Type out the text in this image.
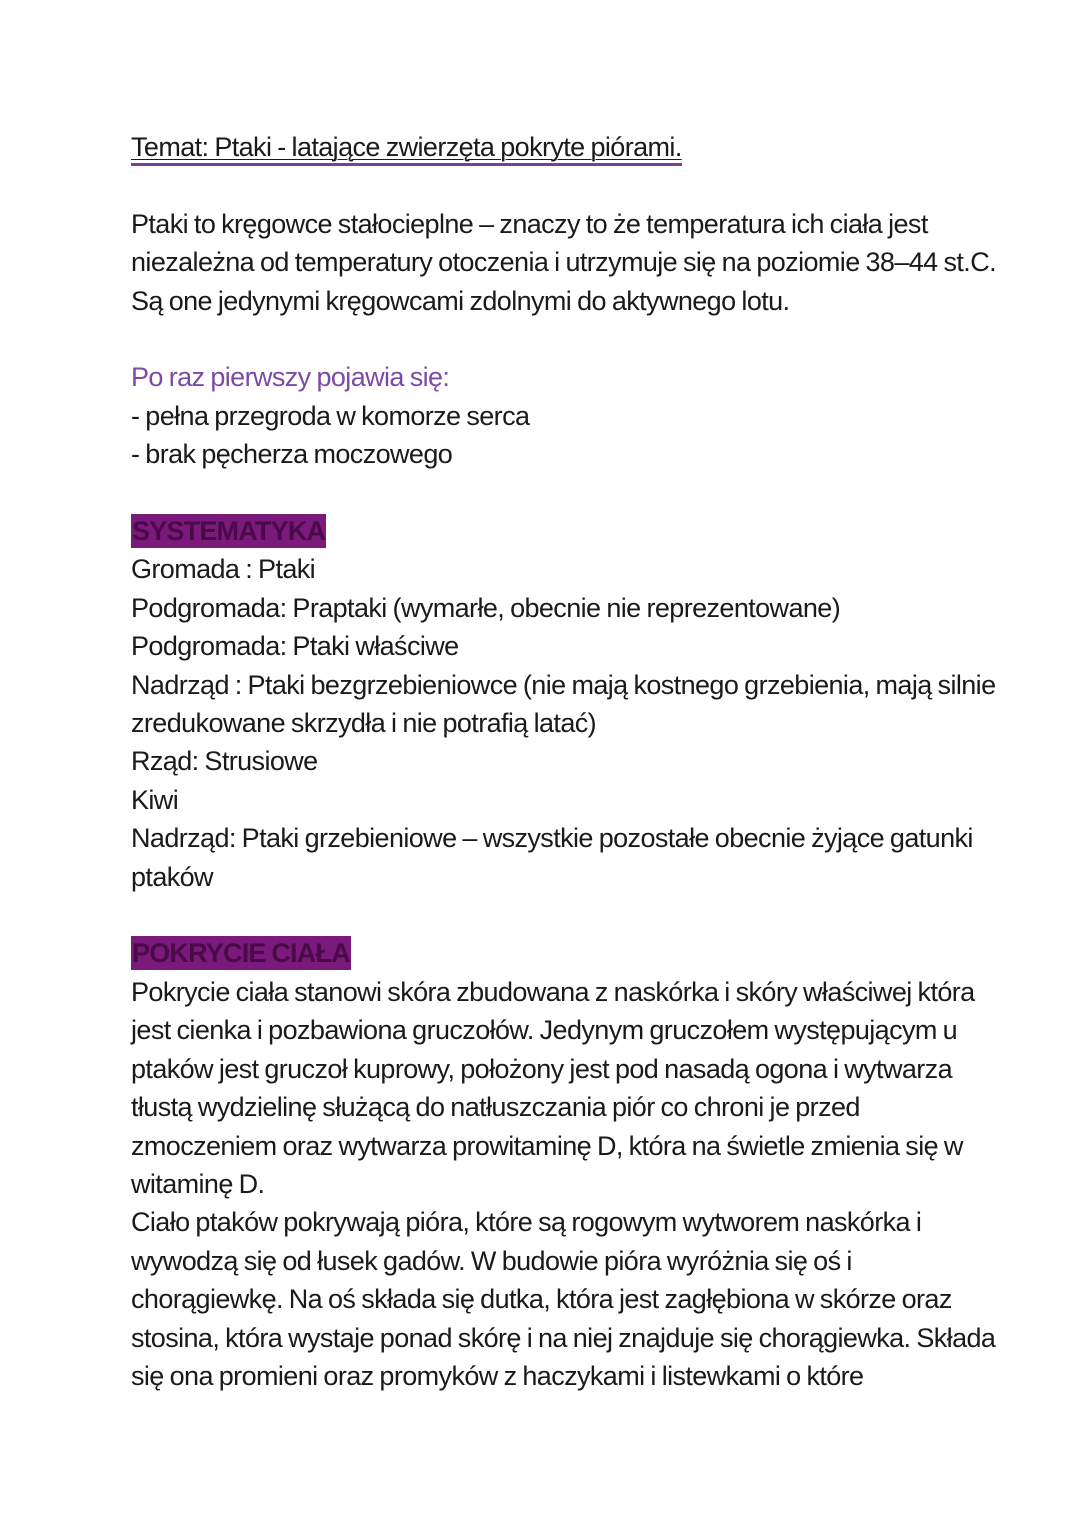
Temat: Ptaki - latające zwierzęta pokryte piórami.
Ptaki to kręgowce stałocieplne – znaczy to że temperatura ich ciała jest
niezależna od temperatury otoczenia i utrzymuje się na poziomie 38–44 st.C.
Są one jedynymi kręgowcami zdolnymi do aktywnego lotu.
Po raz pierwszy pojawia się:
- pełna przegroda w komorze serca
- brak pęcherza moczowego
SYSTEMATYKA
Gromada : Ptaki
Podgromada: Praptaki (wymarłe, obecnie nie reprezentowane)
Podgromada: Ptaki właściwe
Nadrząd : Ptaki bezgrzebieniowce (nie mają kostnego grzebienia, mają silnie
zredukowane skrzydła i nie potrafią latać)
Rząd: Strusiowe
Kiwi
Nadrząd: Ptaki grzebieniowe – wszystkie pozostałe obecnie żyjące gatunki
ptaków
POKRYCIE CIAŁA
Pokrycie ciała stanowi skóra zbudowana z naskórka i skóry właściwej która
jest cienka i pozbawiona gruczołów. Jedynym gruczołem występującym u
ptaków jest gruczoł kuprowy, położony jest pod nasadą ogona i wytwarza
tłustą wydzielinę służącą do natłuszczania piór co chroni je przed
zmoczeniem oraz wytwarza prowitaminę D, która na świetle zmienia się w
witaminę D.
Ciało ptaków pokrywają pióra, które są rogowym wytworem naskórka i
wywodzą się od łusek gadów. W budowie pióra wyróżnia się oś i
chorągiewkę. Na oś składa się dutka, która jest zagłębiona w skórze oraz
stosina, która wystaje ponad skórę i na niej znajduje się chorągiewka. Składa
się ona promieni oraz promyków z haczykami i listewkami o które
